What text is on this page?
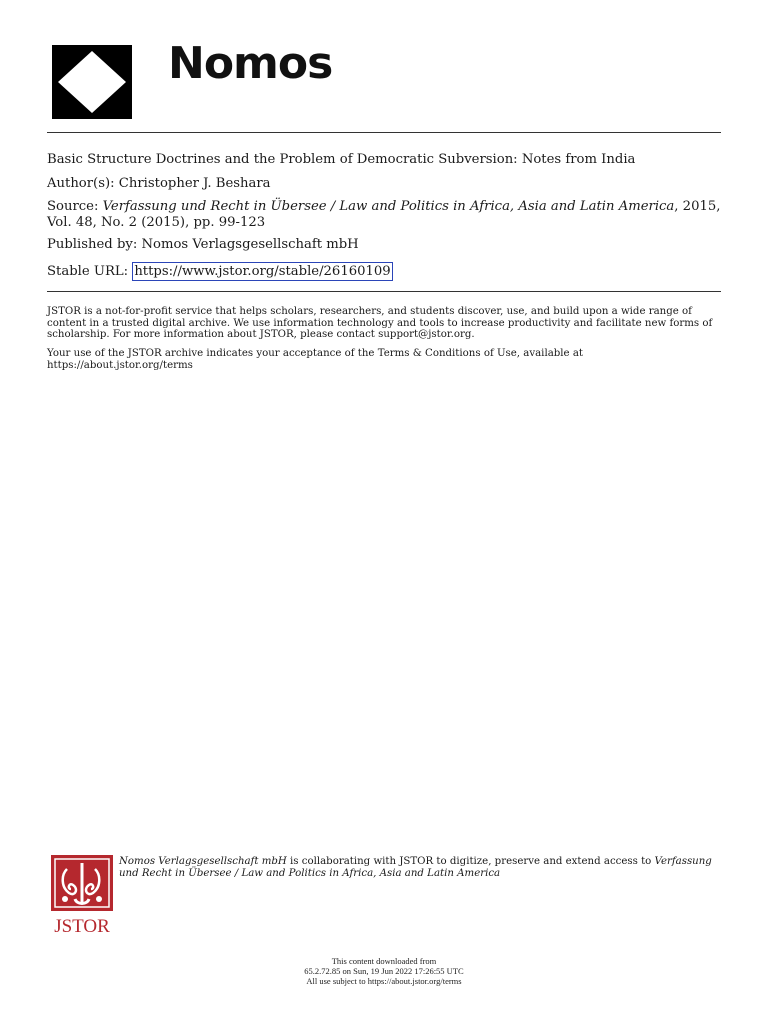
Nomos
Basic Structure Doctrines and the Problem of Democratic Subversion: Notes from India
Author(s): Christopher J. Beshara
Source: Verfassung und Recht in Übersee / Law and Politics in Africa, Asia and Latin America, 2015, Vol. 48, No. 2 (2015), pp. 99-123
Published by: Nomos Verlagsgesellschaft mbH
Stable URL: https://www.jstor.org/stable/26160109
JSTOR is a not-for-profit service that helps scholars, researchers, and students discover, use, and build upon a wide range of content in a trusted digital archive. We use information technology and tools to increase productivity and facilitate new forms of scholarship. For more information about JSTOR, please contact support@jstor.org.
Your use of the JSTOR archive indicates your acceptance of the Terms & Conditions of Use, available at https://about.jstor.org/terms
JSTOR
Nomos Verlagsgesellschaft mbH is collaborating with JSTOR to digitize, preserve and extend access to Verfassung und Recht in Übersee / Law and Politics in Africa, Asia and Latin America
This content downloaded from
65.2.72.85 on Sun, 19 Jun 2022 17:26:55 UTC
All use subject to https://about.jstor.org/terms
